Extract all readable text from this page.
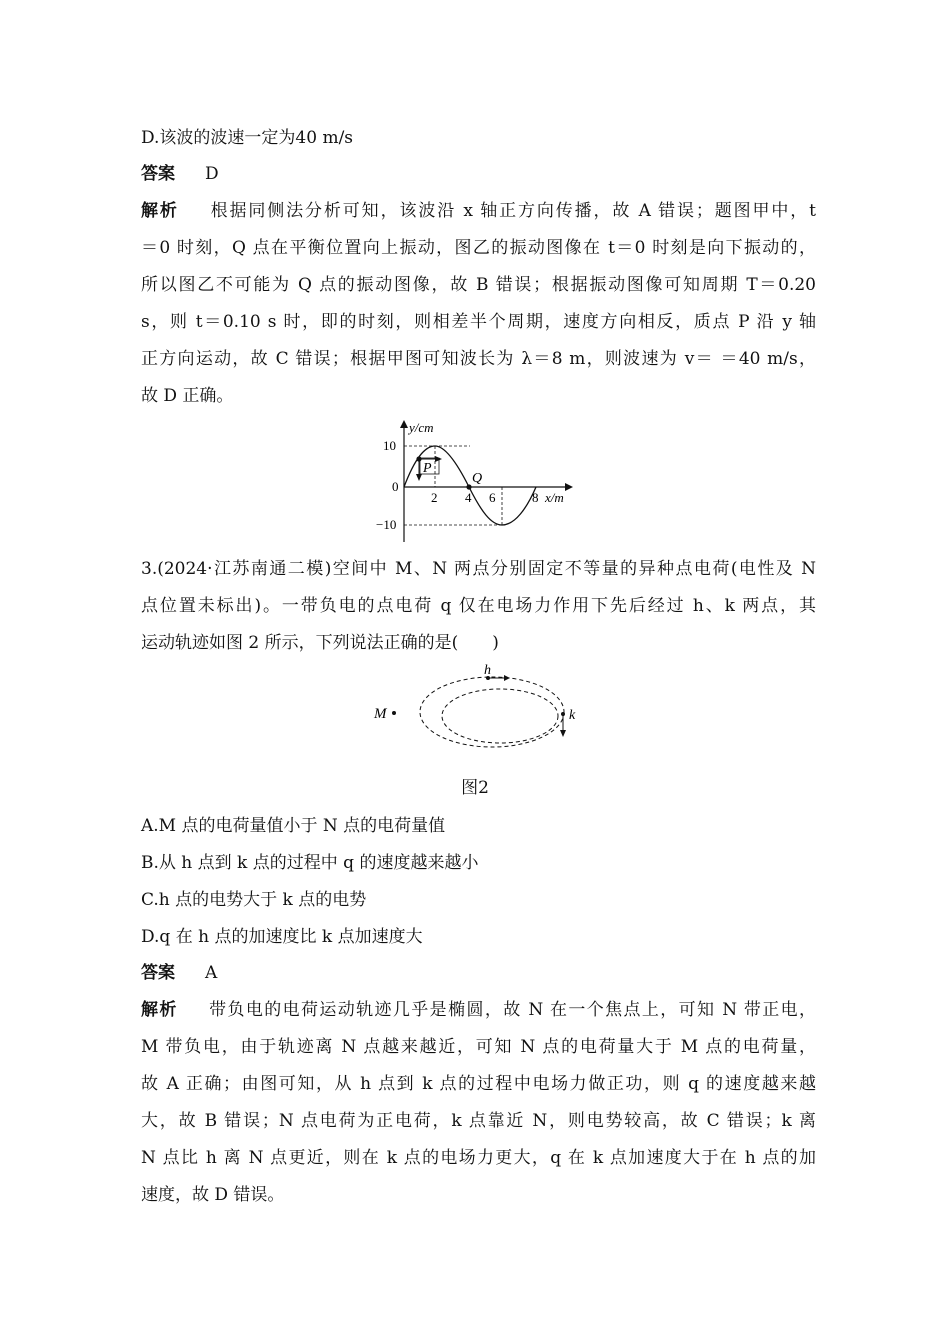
D.该波的波速一定为40 m/s
答案 D
解析 根据同侧法分析可知，该波沿 x 轴正方向传播，故 A 错误；题图甲中，t
＝0 时刻，Q 点在平衡位置向上振动，图乙的振动图像在 t＝0 时刻是向下振动的，
所以图乙不可能为 Q 点的振动图像，故 B 错误；根据振动图像可知周期 T＝0.20
s，则 t＝0.10 s 时，即的时刻，则相差半个周期，速度方向相反，质点 P 沿 y 轴
正方向运动，故 C 错误；根据甲图可知波长为 λ＝8 m，则波速为 v＝ ＝40 m/s，
故 D 正确。
P
Q
10
0
−10
2 4 6	8
y/cm
x/m
3.(2024·江苏南通二模)空间中 M、N 两点分别固定不等量的异种点电荷(电性及 N
点位置未标出)。一带负电的点电荷 q 仅在电场力作用下先后经过 h、k 两点，其
运动轨迹如图 2 所示，下列说法正确的是(　　)
M
h
k
图2
A.M 点的电荷量值小于 N 点的电荷量值
B.从 h 点到 k 点的过程中 q 的速度越来越小
C.h 点的电势大于 k 点的电势
D.q 在 h 点的加速度比 k 点加速度大
答案 A
解析 带负电的电荷运动轨迹几乎是椭圆，故 N 在一个焦点上，可知 N 带正电，
M 带负电，由于轨迹离 N 点越来越近，可知 N 点的电荷量大于 M 点的电荷量，
故 A 正确；由图可知，从 h 点到 k 点的过程中电场力做正功，则 q 的速度越来越
大，故 B 错误；N 点电荷为正电荷，k 点靠近 N，则电势较高，故 C 错误；k 离
N 点比 h 离 N 点更近，则在 k 点的电场力更大，q 在 k 点加速度大于在 h 点的加
速度，故 D 错误。
